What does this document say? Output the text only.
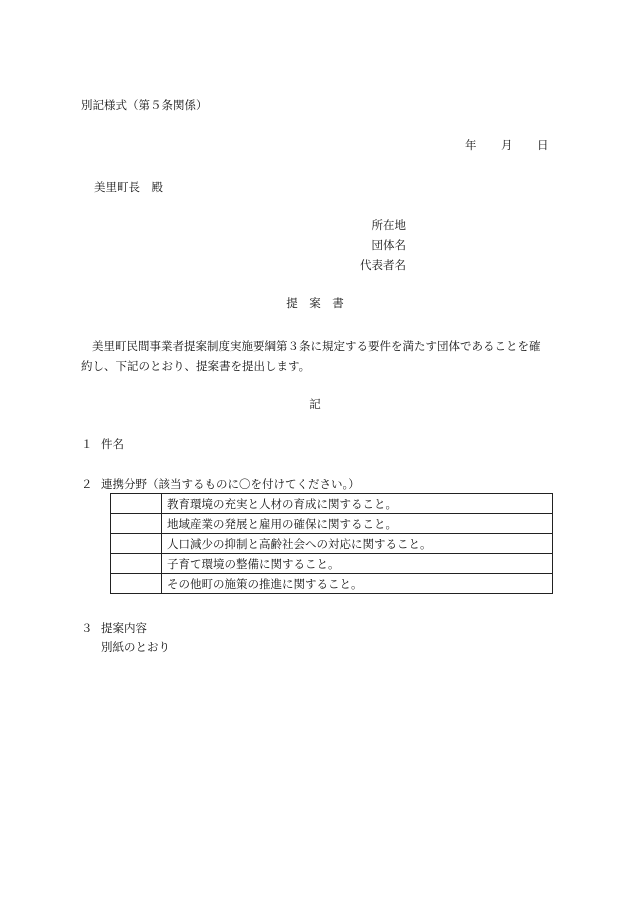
別記様式（第５条関係）
年 月 日
美里町長　殿
所在地
団体名
代表者名
提　案　書
美里町民間事業者提案制度実施要綱第３条に規定する要件を満たす団体であることを確約し、下記のとおり、提案書を提出します。
記
１ 件名
２ 連携分野（該当するものに〇を付けてください。）
	教育環境の充実と人材の育成に関すること。
	地域産業の発展と雇用の確保に関すること。
	人口減少の抑制と高齢社会への対応に関すること。
	子育て環境の整備に関すること。
	その他町の施策の推進に関すること。
３ 提案内容
別紙のとおり
